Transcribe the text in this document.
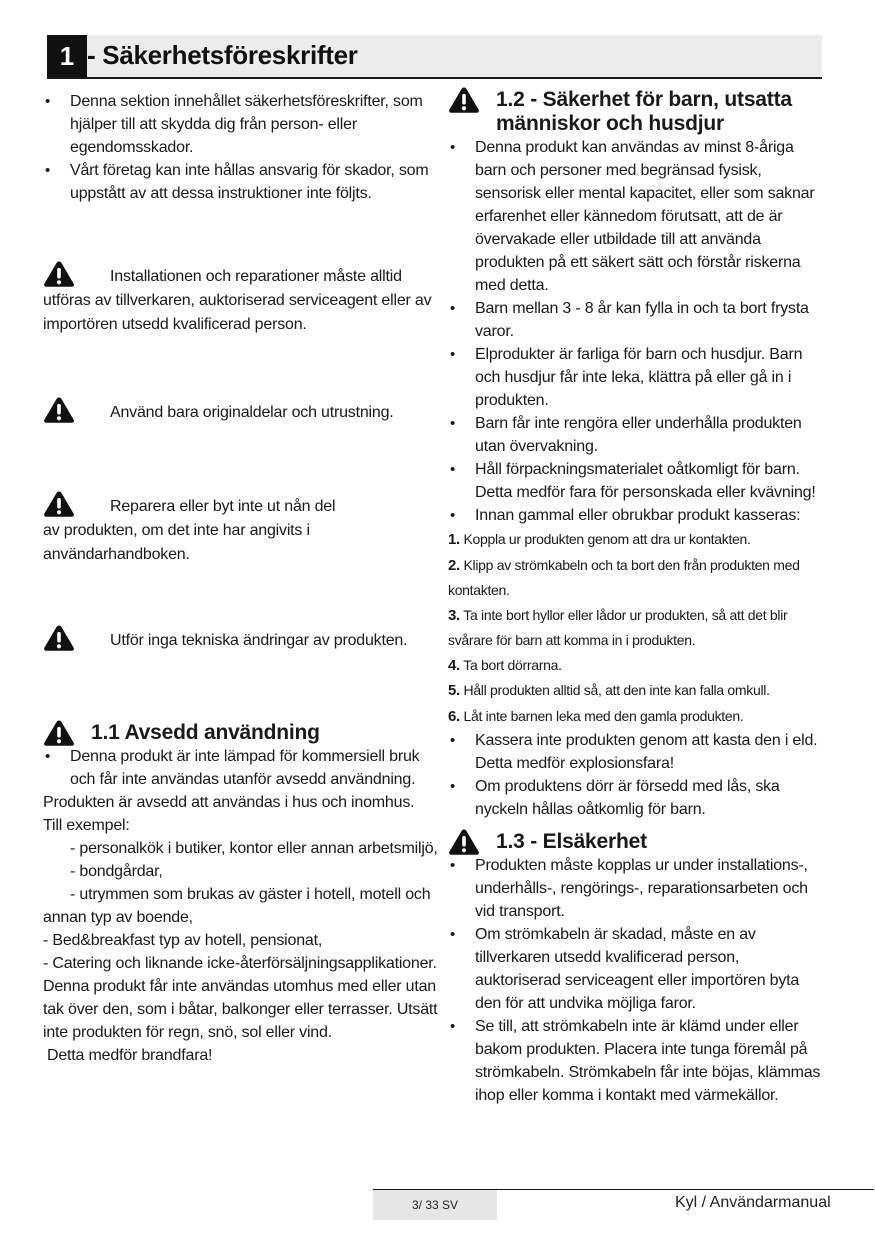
1 - Säkerhetsföreskrifter
• Denna sektion innehållet säkerhetsföreskrifter, som hjälper till att skydda dig från person- eller egendomsskador.
• Vårt företag kan inte hållas ansvarig för skador, som uppstått av att dessa instruktioner inte följts.
Installationen och reparationer måste alltid
utföras av tillverkaren, auktoriserad serviceagent eller av importören utsedd kvalificerad person.
Använd bara originaldelar och utrustning.
Reparera eller byt inte ut nån del
av produkten, om det inte har angivits i användarhandboken.
Utför inga tekniska ändringar av produkten.
1.1 Avsedd användning
• Denna produkt är inte lämpad för kommersiell bruk och får inte användas utanför avsedd användning.
Produkten är avsedd att användas i hus och inomhus.
Till exempel:
- personalkök i butiker, kontor eller annan arbetsmiljö,
- bondgårdar,
- utrymmen som brukas av gäster i hotell, motell och annan typ av boende,
- Bed&breakfast typ av hotell, pensionat,
- Catering och liknande icke-återförsäljningsapplikationer.
Denna produkt får inte användas utomhus med eller utan tak över den, som i båtar, balkonger eller terrasser. Utsätt inte produkten för regn, snö, sol eller vind.
Detta medför brandfara!
1.2 - Säkerhet för barn, utsatta människor och husdjur
• Denna produkt kan användas av minst 8-åriga barn och personer med begränsad fysisk, sensorisk eller mental kapacitet, eller som saknar erfarenhet eller kännedom förutsatt, att de är övervakade eller utbildade till att använda produkten på ett säkert sätt och förstår riskerna med detta.
• Barn mellan 3 - 8 år kan fylla in och ta bort frysta varor.
• Elprodukter är farliga för barn och husdjur. Barn och husdjur får inte leka, klättra på eller gå in i produkten.
• Barn får inte rengöra eller underhålla produkten utan övervakning.
• Håll förpackningsmaterialet oåtkomligt för barn. Detta medför fara för personskada eller kvävning!
• Innan gammal eller obrukbar produkt kasseras:
1. Koppla ur produkten genom att dra ur kontakten.
2. Klipp av strömkabeln och ta bort den från produkten med kontakten.
3. Ta inte bort hyllor eller lådor ur produkten, så att det blir svårare för barn att komma in i produkten.
4. Ta bort dörrarna.
5. Håll produkten alltid så, att den inte kan falla omkull.
6. Låt inte barnen leka med den gamla produkten.
• Kassera inte produkten genom att kasta den i eld. Detta medför explosionsfara!
• Om produktens dörr är försedd med lås, ska nyckeln hållas oåtkomlig för barn.
1.3 - Elsäkerhet
• Produkten måste kopplas ur under installations-, underhålls-, rengörings-, reparationsarbeten och vid transport.
• Om strömkabeln är skadad, måste en av tillverkaren utsedd kvalificerad person, auktoriserad serviceagent eller importören byta den för att undvika möjliga faror.
• Se till, att strömkabeln inte är klämd under eller bakom produkten. Placera inte tunga föremål på strömkabeln. Strömkabeln får inte böjas, klämmas ihop eller komma i kontakt med värmekällor.
3/ 33 SV	Kyl / Användarmanual
